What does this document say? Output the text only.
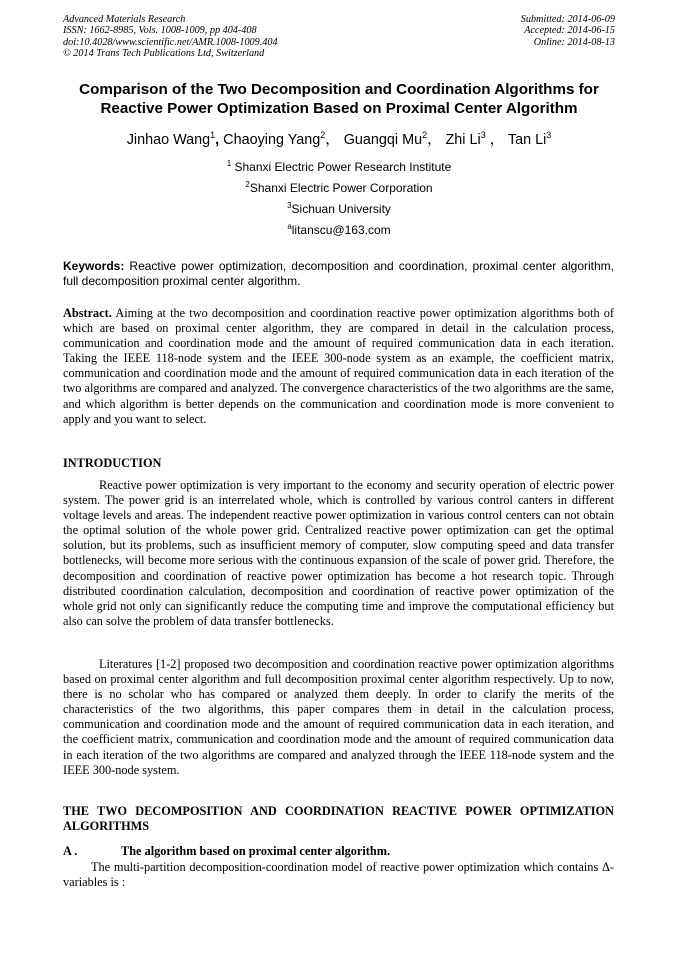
Advanced Materials Research
ISSN: 1662-8985, Vols. 1008-1009, pp 404-408
doi:10.4028/www.scientific.net/AMR.1008-1009.404
© 2014 Trans Tech Publications Ltd, Switzerland
Submitted: 2014-06-09
Accepted: 2014-06-15
Online: 2014-08-13
Comparison of the Two Decomposition and Coordination Algorithms for Reactive Power Optimization Based on Proximal Center Algorithm
Jinhao Wang$^1$, Chaoying Yang$^2$， Guangqi Mu$^2$， Zhi Li$^3$ ， Tan Li$^3$
$^1$ Shanxi Electric Power Research Institute
$^2$Shanxi Electric Power Corporation
$^3$Sichuan University
$^a$litanscu@163.com
Keywords: Reactive power optimization, decomposition and coordination, proximal center algorithm, full decomposition proximal center algorithm.
Abstract. Aiming at the two decomposition and coordination reactive power optimization algorithms both of which are based on proximal center algorithm, they are compared in detail in the calculation process, communication and coordination mode and the amount of required communication data in each iteration. Taking the IEEE 118-node system and the IEEE 300-node system as an example, the coefficient matrix, communication and coordination mode and the amount of required communication data in each iteration of the two algorithms are compared and analyzed. The convergence characteristics of the two algorithms are the same, and which algorithm is better depends on the communication and coordination mode is more convenient to apply and you want to select.
INTRODUCTION
Reactive power optimization is very important to the economy and security operation of electric power system. The power grid is an interrelated whole, which is controlled by various control canters in different voltage levels and areas. The independent reactive power optimization in various control centers can not obtain the optimal solution of the whole power grid. Centralized reactive power optimization can get the optimal solution, but its problems, such as insufficient memory of computer, slow computing speed and data transfer bottlenecks, will become more serious with the continuous expansion of the scale of power grid. Therefore, the decomposition and coordination of reactive power optimization has become a hot research topic. Through distributed coordination calculation, decomposition and coordination of reactive power optimization of the whole grid not only can significantly reduce the computing time and improve the computational efficiency but also can solve the problem of data transfer bottlenecks.
Literatures [1-2] proposed two decomposition and coordination reactive power optimization algorithms based on proximal center algorithm and full decomposition proximal center algorithm respectively. Up to now, there is no scholar who has compared or analyzed them deeply. In order to clarify the merits of the characteristics of the two algorithms, this paper compares them in detail in the calculation process, communication and coordination mode and the amount of required communication data in each iteration, and the coefficient matrix, communication and coordination mode and the amount of required communication data in each iteration of the two algorithms are compared and analyzed through the IEEE 118-node system and the IEEE 300-node system.
THE TWO DECOMPOSITION AND COORDINATION REACTIVE POWER OPTIMIZATION ALGORITHMS
A .	The algorithm based on proximal center algorithm.
The multi-partition decomposition-coordination model of reactive power optimization which contains Δ-variables is :
